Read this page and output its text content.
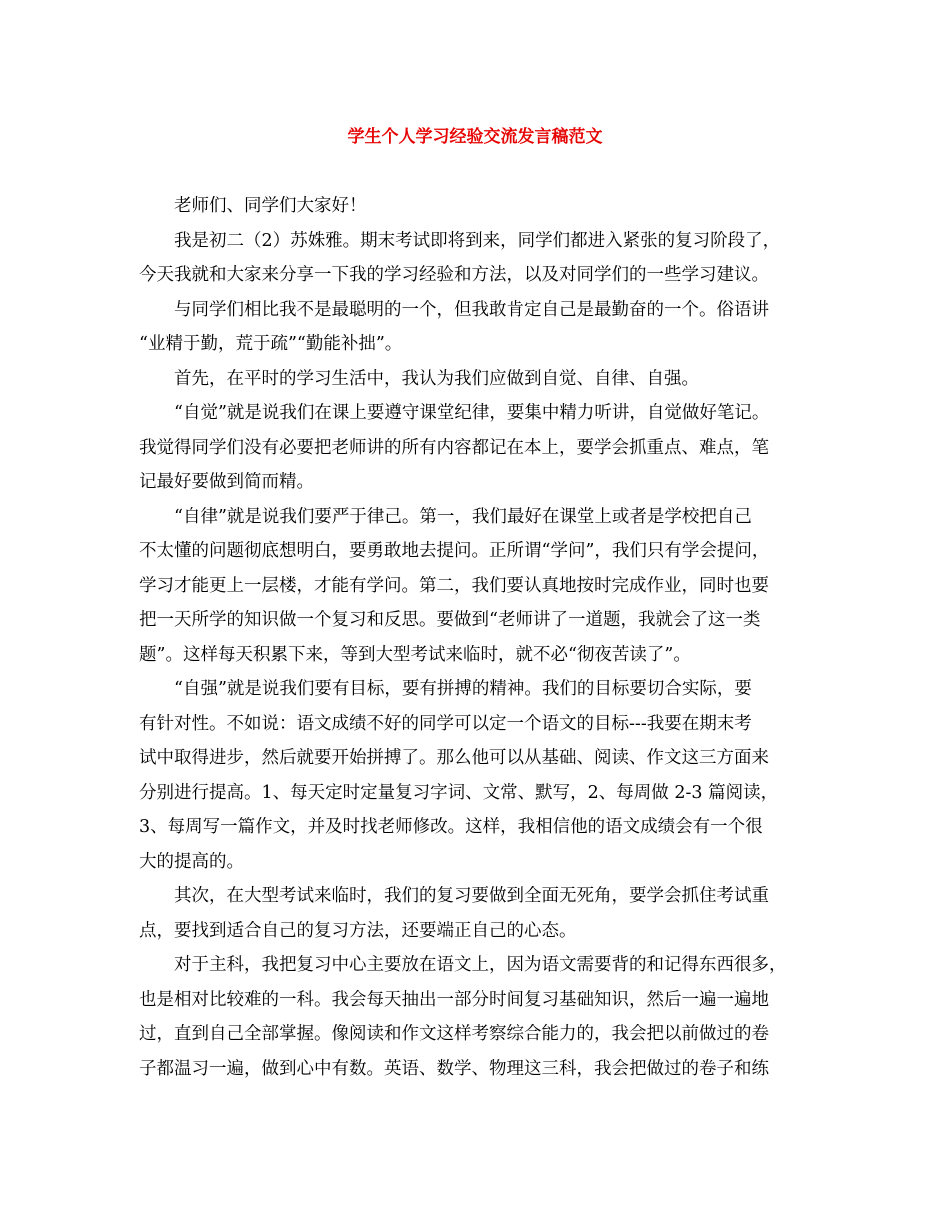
学生个人学习经验交流发言稿范文
　　老师们、同学们大家好！
　　我是初二（2）苏姝雅。期末考试即将到来，同学们都进入紧张的复习阶段了，
今天我就和大家来分享一下我的学习经验和方法，以及对同学们的一些学习建议。
　　与同学们相比我不是最聪明的一个，但我敢肯定自己是最勤奋的一个。俗语讲
“业精于勤，荒于疏”“勤能补拙”。
　　首先，在平时的学习生活中，我认为我们应做到自觉、自律、自强。
　　“自觉”就是说我们在课上要遵守课堂纪律，要集中精力听讲，自觉做好笔记。
我觉得同学们没有必要把老师讲的所有内容都记在本上，要学会抓重点、难点，笔
记最好要做到简而精。
　　“自律”就是说我们要严于律己。第一，我们最好在课堂上或者是学校把自己
不太懂的问题彻底想明白，要勇敢地去提问。正所谓“学问”，我们只有学会提问，
学习才能更上一层楼，才能有学问。第二，我们要认真地按时完成作业，同时也要
把一天所学的知识做一个复习和反思。要做到“老师讲了一道题，我就会了这一类
题”。这样每天积累下来，等到大型考试来临时，就不必“彻夜苦读了”。
　　“自强”就是说我们要有目标，要有拼搏的精神。我们的目标要切合实际，要
有针对性。不如说：语文成绩不好的同学可以定一个语文的目标---我要在期末考
试中取得进步，然后就要开始拼搏了。那么他可以从基础、阅读、作文这三方面来
分别进行提高。1、每天定时定量复习字词、文常、默写，2、每周做 2-3 篇阅读，
3、每周写一篇作文，并及时找老师修改。这样，我相信他的语文成绩会有一个很
大的提高的。
　　其次，在大型考试来临时，我们的复习要做到全面无死角，要学会抓住考试重
点，要找到适合自己的复习方法，还要端正自己的心态。
　　对于主科，我把复习中心主要放在语文上，因为语文需要背的和记得东西很多，
也是相对比较难的一科。我会每天抽出一部分时间复习基础知识，然后一遍一遍地
过，直到自己全部掌握。像阅读和作文这样考察综合能力的，我会把以前做过的卷
子都温习一遍，做到心中有数。英语、数学、物理这三科，我会把做过的卷子和练
